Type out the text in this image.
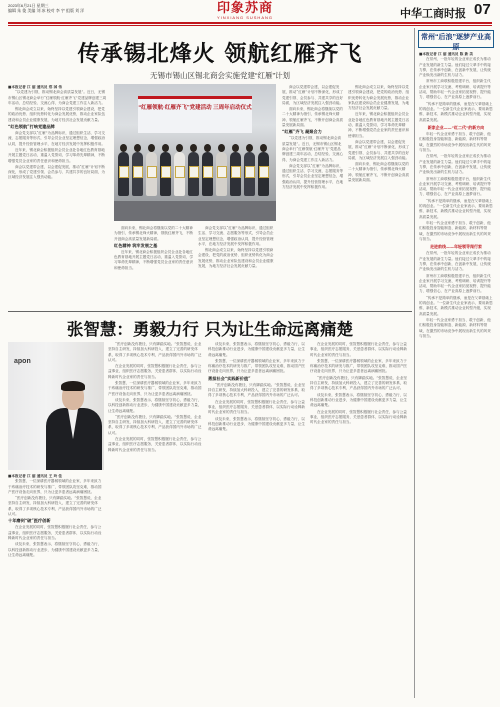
2023年6月21日 星期三
编辑 朱 俊 美编 刘 冰 校对 李 宇 组版 刘 洋	印象苏商
YINXIANG SUSHANG	中华工商时报 07
传承锡北烽火 领航红雁齐飞
无锡市锡山区锡北商会实施党建“红雁”计划
■本报记者 江 丽 通讯员 郑 国 伟

“以党建为引领，推动锡北商会高质量发展”。近日，无锡市锡山区锡北商会举行“红雁领航·红雁齐飞”党建品牌创建三周年活动，总结经验、交流心得，为商会党建工作注入新活力。

锡北商会成立以来，始终坚持以党建引领商会建设，把党的政治优势、组织优势转化为商会发展优势，推动企业家队伍建设和会员企业健康发展，为地方经济社会发展贡献力量。

“红色领航”打响党建品牌

商会党支部以“红雁”为品牌标识，通过组织生活、学习交流、志愿服务等形式，引导会员企业坚定理想信念，增强政治认同，提升经营管理水平，在地方经济发展中发挥积极作用。

近年来，锡北商会积极组织会员企业赴各地红色教育基地开展主题党日活动，重温入党誓词，学习革命先辈精神，不断增强党员企业家的责任意识和使命担当。

商会以党建带会建，以会建促发展，推动“红雁”计划不断深化，形成了党建引领、会员参与、共建共享的良好局面，为区域经济发展注入强劲动能。

“红雁领航·红雁齐飞”党建活动 三周年启动仪式

面向未来，锡北商会将继续以党的二十大精神为指引，传承锡北烽火精神，领航红雁齐飞，不断开创商会高质量发展新局面。

红色精神 筑牢发展之基

近年来，锡北商会积极组织会员企业赴各地红色教育基地开展主题党日活动，重温入党誓词，学习革命先辈精神，不断增强党员企业家的责任意识和使命担当。

商会党支部以“红雁”为品牌标识，通过组织生活、学习交流、志愿服务等形式，引导会员企业坚定理想信念，增强政治认同，提升经营管理水平，在地方经济发展中发挥积极作用。

锡北商会成立以来，始终坚持以党建引领商会建设，把党的政治优势、组织优势转化为商会发展优势，推动企业家队伍建设和会员企业健康发展，为地方经济社会发展贡献力量。

商会以党建带会建，以会建促发展，推动“红雁”计划不断深化，形成了党建引领、会员参与、共建共享的良好局面，为区域经济发展注入强劲动能。

面向未来，锡北商会将继续以党的二十大精神为指引，传承锡北烽火精神，领航红雁齐飞，不断开创商会高质量发展新局面。

“红雁”齐飞 凝聚合力

“以党建为引领，推动锡北商会高质量发展”。近日，无锡市锡山区锡北商会举行“红雁领航·红雁齐飞”党建品牌创建三周年活动，总结经验、交流心得，为商会党建工作注入新活力。

商会党支部以“红雁”为品牌标识，通过组织生活、学习交流、志愿服务等形式，引导会员企业坚定理想信念，增强政治认同，提升经营管理水平，在地方经济发展中发挥积极作用。

锡北商会成立以来，始终坚持以党建引领商会建设，把党的政治优势、组织优势转化为商会发展优势，推动企业家队伍建设和会员企业健康发展，为地方经济社会发展贡献力量。

近年来，锡北商会积极组织会员企业赴各地红色教育基地开展主题党日活动，重温入党誓词，学习革命先辈精神，不断增强党员企业家的责任意识和使命担当。

商会以党建带会建，以会建促发展，推动“红雁”计划不断深化，形成了党建引领、会员参与、共建共享的良好局面，为区域经济发展注入强劲动能。

面向未来，锡北商会将继续以党的二十大精神为指引，传承锡北烽火精神，领航红雁齐飞，不断开创商会高质量发展新局面。

常州“后浪”逐梦产业高原
■本报记者 江 丽 通讯员 陈 新 美

在常州，一批年轻的企业家正成长为推动产业发展的新生力量。他们接过父辈手中的接力棒，在传承中创新，在创新中发展，让传统产业焕发出新的生机与活力。

常州市工商联积极搭建平台，组织新生代企业家开展学习交流、考察调研、培训提升等活动，帮助年轻一代企业家拓宽视野、提升能力、增强信心，在产业高原上逐梦前行。

“传承不是简单的继承，而是在父辈基础上的再创业。”一位新生代企业家表示，要用新思维、新技术、新模式推动企业转型升级，实现高质量发展。

新家企业——“红二代”的新方向

年轻一代企业家勇于担当、敢于创新，他们积极投身智能制造、新能源、新材料等领域，在激烈的市场竞争中展现出新生代的风采与担当。

在常州，一批年轻的企业家正成长为推动产业发展的新生力量。他们接过父辈手中的接力棒，在传承中创新，在创新中发展，让传统产业焕发出新的生机与活力。

常州市工商联积极搭建平台，组织新生代企业家开展学习交流、考察调研、培训提升等活动，帮助年轻一代企业家拓宽视野、提升能力、增强信心，在产业高原上逐梦前行。

“传承不是简单的继承，而是在父辈基础上的再创业。”一位新生代企业家表示，要用新思维、新技术、新模式推动企业转型升级，实现高质量发展。

年轻一代企业家勇于担当、敢于创新，他们积极投身智能制造、新能源、新材料等领域，在激烈的市场竞争中展现出新生代的风采与担当。

走进前线——年轻领导闯行家

在常州，一批年轻的企业家正成长为推动产业发展的新生力量。他们接过父辈手中的接力棒，在传承中创新，在创新中发展，让传统产业焕发出新的生机与活力。

常州市工商联积极搭建平台，组织新生代企业家开展学习交流、考察调研、培训提升等活动，帮助年轻一代企业家拓宽视野、提升能力、增强信心，在产业高原上逐梦前行。

“传承不是简单的继承，而是在父辈基础上的再创业。”一位新生代企业家表示，要用新思维、新技术、新模式推动企业转型升级，实现高质量发展。

年轻一代企业家勇于担当、敢于创新，他们积极投身智能制造、新能源、新材料等领域，在激烈的市场竞争中展现出新生代的风采与担当。

张智慧：勇毅力行 只为让生命远离痛楚
apon
■本报记者 江 丽 通讯员 王 玲 佳

张智慧，一位深耕医疗器械领域的企业家，多年来致力于疼痛治疗技术的研发与推广，带领团队攻坚克难，推动国产医疗设备走向世界，只为让更多患者远离病痛困扰。

“医疗创新没有捷径，只有脚踏实地。”张智慧说，企业坚持自主研发，持续加大科研投入，建立了完善的研发体系，取得了多项核心技术专利，产品获得国内外市场的广泛认可。

十年磨剑“破”医疗创新

在企业发展的同时，张智慧积极履行社会责任，参与公益事业，组织医疗志愿服务，关爱患者群体，以实际行动诠释新时代企业家的责任与担当。

谈及未来，张智慧表示，将继续坚守初心，勇毅力行，以科技创新推动行业进步，为健康中国建设贡献更多力量，让生命远离痛楚。

“医疗创新没有捷径，只有脚踏实地。”张智慧说，企业坚持自主研发，持续加大科研投入，建立了完善的研发体系，取得了多项核心技术专利，产品获得国内外市场的广泛认可。

在企业发展的同时，张智慧积极履行社会责任，参与公益事业，组织医疗志愿服务，关爱患者群体，以实际行动诠释新时代企业家的责任与担当。

张智慧，一位深耕医疗器械领域的企业家，多年来致力于疼痛治疗技术的研发与推广，带领团队攻坚克难，推动国产医疗设备走向世界，只为让更多患者远离病痛困扰。

谈及未来，张智慧表示，将继续坚守初心，勇毅力行，以科技创新推动行业进步，为健康中国建设贡献更多力量，让生命远离痛楚。

“医疗创新没有捷径，只有脚踏实地。”张智慧说，企业坚持自主研发，持续加大科研投入，建立了完善的研发体系，取得了多项核心技术专利，产品获得国内外市场的广泛认可。

在企业发展的同时，张智慧积极履行社会责任，参与公益事业，组织医疗志愿服务，关爱患者群体，以实际行动诠释新时代企业家的责任与担当。

谈及未来，张智慧表示，将继续坚守初心，勇毅力行，以科技创新推动行业进步，为健康中国建设贡献更多力量，让生命远离痛楚。

张智慧，一位深耕医疗器械领域的企业家，多年来致力于疼痛治疗技术的研发与推广，带领团队攻坚克难，推动国产医疗设备走向世界，只为让更多患者远离病痛困扰。

勇担社会“实践新价值”

“医疗创新没有捷径，只有脚踏实地。”张智慧说，企业坚持自主研发，持续加大科研投入，建立了完善的研发体系，取得了多项核心技术专利，产品获得国内外市场的广泛认可。

在企业发展的同时，张智慧积极履行社会责任，参与公益事业，组织医疗志愿服务，关爱患者群体，以实际行动诠释新时代企业家的责任与担当。

谈及未来，张智慧表示，将继续坚守初心，勇毅力行，以科技创新推动行业进步，为健康中国建设贡献更多力量，让生命远离痛楚。

在企业发展的同时，张智慧积极履行社会责任，参与公益事业，组织医疗志愿服务，关爱患者群体，以实际行动诠释新时代企业家的责任与担当。

张智慧，一位深耕医疗器械领域的企业家，多年来致力于疼痛治疗技术的研发与推广，带领团队攻坚克难，推动国产医疗设备走向世界，只为让更多患者远离病痛困扰。

“医疗创新没有捷径，只有脚踏实地。”张智慧说，企业坚持自主研发，持续加大科研投入，建立了完善的研发体系，取得了多项核心技术专利，产品获得国内外市场的广泛认可。

谈及未来，张智慧表示，将继续坚守初心，勇毅力行，以科技创新推动行业进步，为健康中国建设贡献更多力量，让生命远离痛楚。

在企业发展的同时，张智慧积极履行社会责任，参与公益事业，组织医疗志愿服务，关爱患者群体，以实际行动诠释新时代企业家的责任与担当。
